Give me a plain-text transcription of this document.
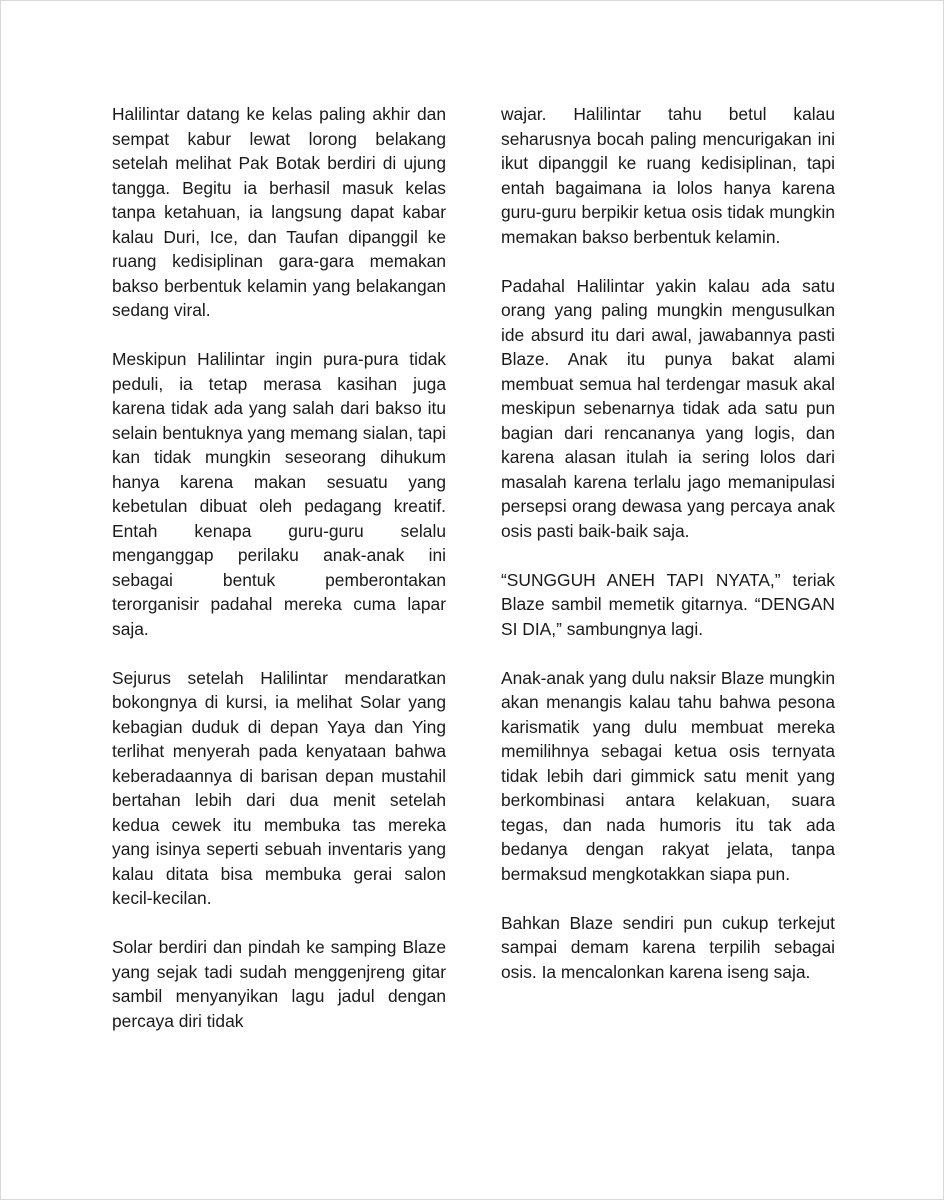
Halilintar datang ke kelas paling akhir dan sempat kabur lewat lorong belakang setelah melihat Pak Botak berdiri di ujung tangga. Begitu ia berhasil masuk kelas tanpa ketahuan, ia langsung dapat kabar kalau Duri, Ice, dan Taufan dipanggil ke ruang kedisiplinan gara-gara memakan bakso berbentuk kelamin yang belakangan sedang viral.

Meskipun Halilintar ingin pura-pura tidak peduli, ia tetap merasa kasihan juga karena tidak ada yang salah dari bakso itu selain bentuknya yang memang sialan, tapi kan tidak mungkin seseorang dihukum hanya karena makan sesuatu yang kebetulan dibuat oleh pedagang kreatif. Entah kenapa guru-guru selalu menganggap perilaku anak-anak ini sebagai bentuk pemberontakan terorganisir padahal mereka cuma lapar saja.

Sejurus setelah Halilintar mendaratkan bokongnya di kursi, ia melihat Solar yang kebagian duduk di depan Yaya dan Ying terlihat menyerah pada kenyataan bahwa keberadaannya di barisan depan mustahil bertahan lebih dari dua menit setelah kedua cewek itu membuka tas mereka yang isinya seperti sebuah inventaris yang kalau ditata bisa membuka gerai salon kecil-kecilan.

Solar berdiri dan pindah ke samping Blaze yang sejak tadi sudah menggenjreng gitar sambil menyanyikan lagu jadul dengan percaya diri tidak

wajar. Halilintar tahu betul kalau seharusnya bocah paling mencurigakan ini ikut dipanggil ke ruang kedisiplinan, tapi entah bagaimana ia lolos hanya karena guru-guru berpikir ketua osis tidak mungkin memakan bakso berbentuk kelamin.

Padahal Halilintar yakin kalau ada satu orang yang paling mungkin mengusulkan ide absurd itu dari awal, jawabannya pasti Blaze. Anak itu punya bakat alami membuat semua hal terdengar masuk akal meskipun sebenarnya tidak ada satu pun bagian dari rencananya yang logis, dan karena alasan itulah ia sering lolos dari masalah karena terlalu jago memanipulasi persepsi orang dewasa yang percaya anak osis pasti baik-baik saja.

“SUNGGUH ANEH TAPI NYATA,” teriak Blaze sambil memetik gitarnya. “DENGAN SI DIA,” sambungnya lagi.

Anak-anak yang dulu naksir Blaze mungkin akan menangis kalau tahu bahwa pesona karismatik yang dulu membuat mereka memilihnya sebagai ketua osis ternyata tidak lebih dari gimmick satu menit yang berkombinasi antara kelakuan, suara tegas, dan nada humoris itu tak ada bedanya dengan rakyat jelata, tanpa bermaksud mengkotakkan siapa pun.

Bahkan Blaze sendiri pun cukup terkejut sampai demam karena terpilih sebagai osis. Ia mencalonkan karena iseng saja.
